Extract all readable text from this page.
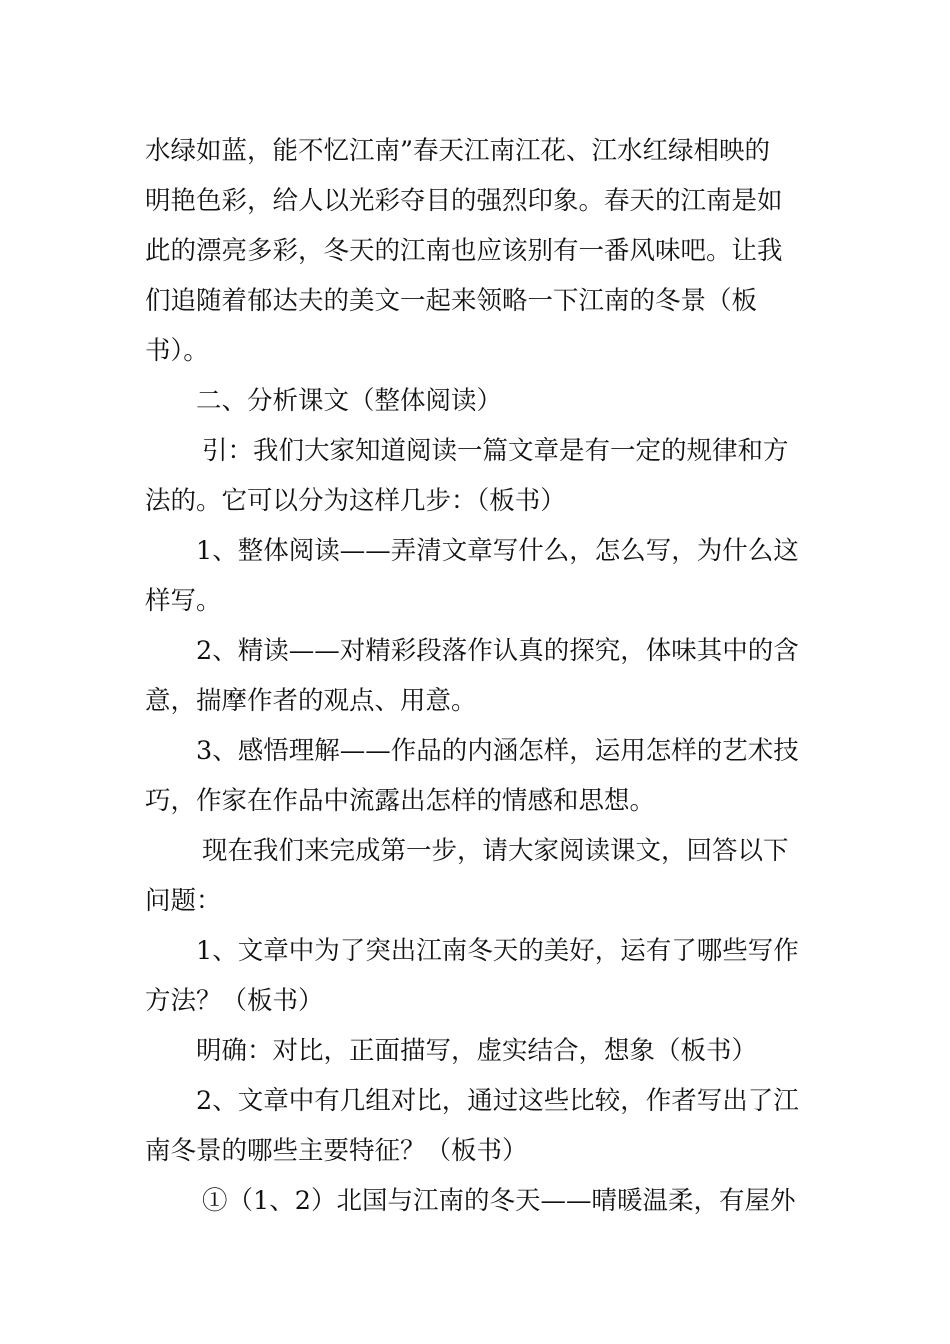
水绿如蓝，能不忆江南”春天江南江花、江水红绿相映的
明艳色彩，给人以光彩夺目的强烈印象。春天的江南是如
此的漂亮多彩，冬天的江南也应该别有一番风味吧。让我
们追随着郁达夫的美文一起来领略一下江南的冬景（板
书）。
二、分析课文（整体阅读）
引：我们大家知道阅读一篇文章是有一定的规律和方
法的。它可以分为这样几步：（板书）
1、整体阅读——弄清文章写什么，怎么写，为什么这
样写。
2、精读——对精彩段落作认真的探究，体味其中的含
意，揣摩作者的观点、用意。
3、感悟理解——作品的内涵怎样，运用怎样的艺术技
巧，作家在作品中流露出怎样的情感和思想。
现在我们来完成第一步，请大家阅读课文，回答以下
问题：
1、文章中为了突出江南冬天的美好，运有了哪些写作
方法？（板书）
明确：对比，正面描写，虚实结合，想象（板书）
2、文章中有几组对比，通过这些比较，作者写出了江
南冬景的哪些主要特征？（板书）
①（1、2）北国与江南的冬天——晴暖温柔，有屋外
